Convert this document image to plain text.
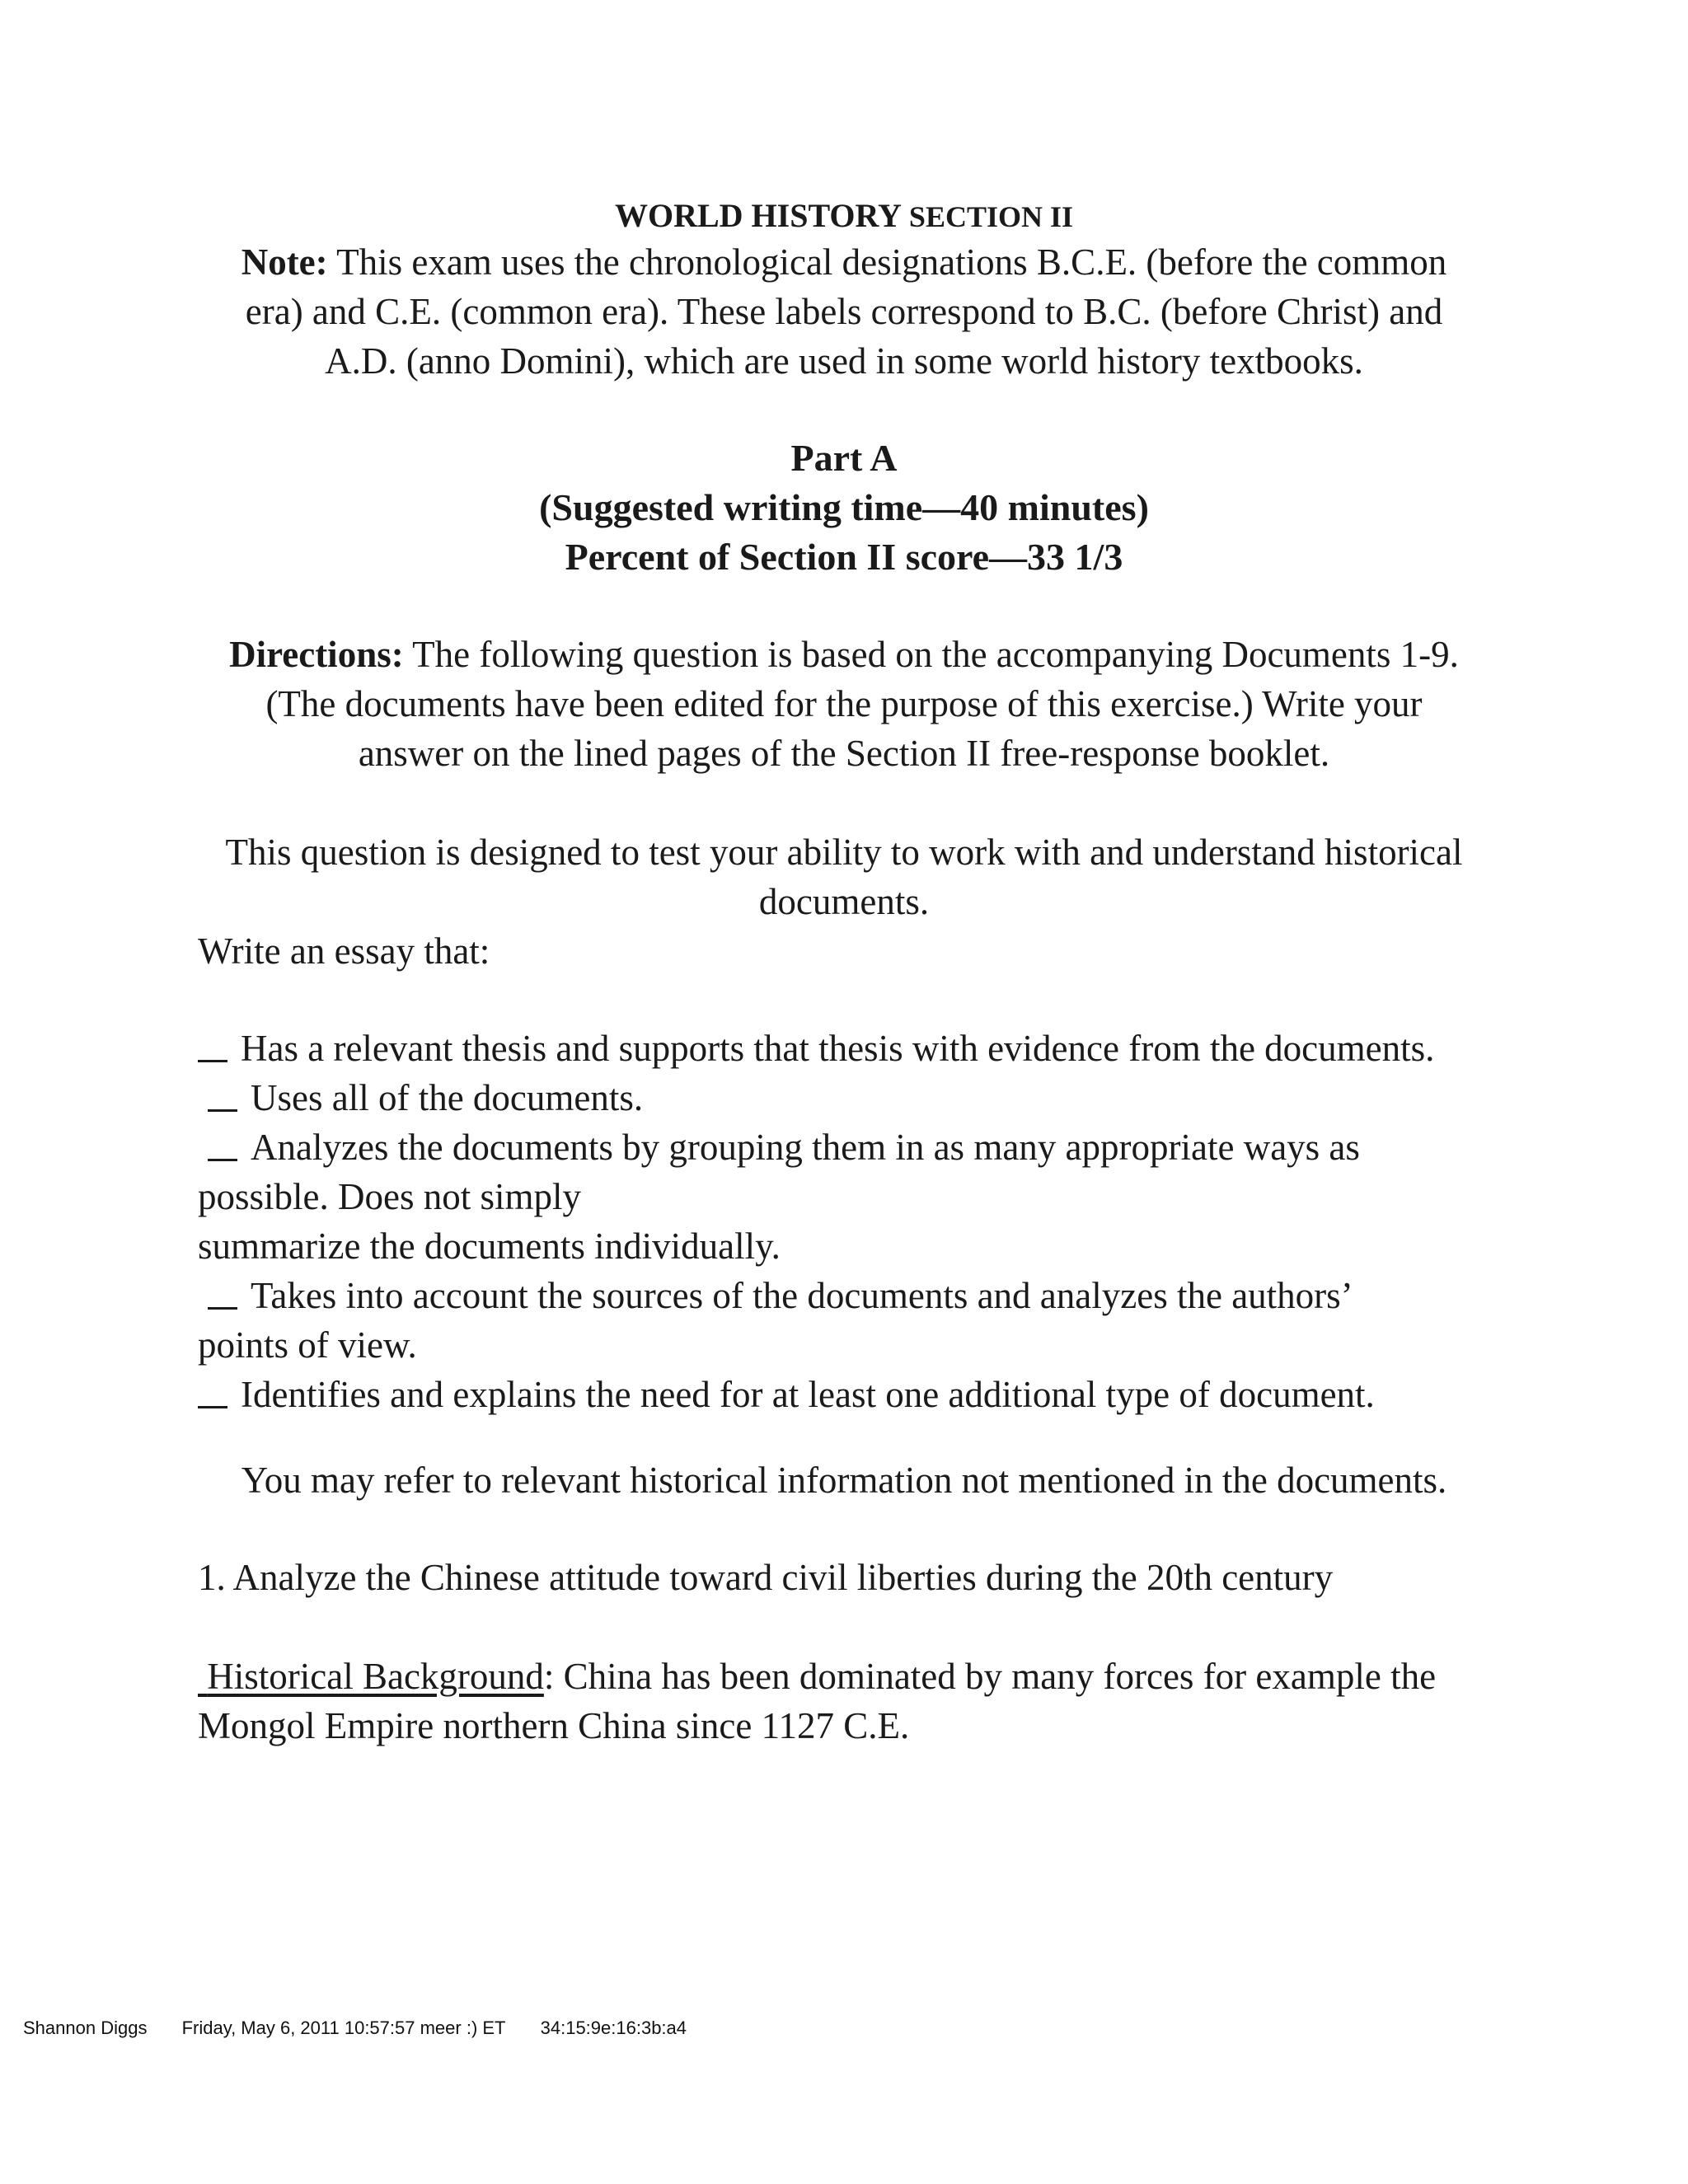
WORLD HISTORY SECTION II
Note: This exam uses the chronological designations B.C.E. (before the common
era) and C.E. (common era). These labels correspond to B.C. (before Christ) and
A.D. (anno Domini), which are used in some world history textbooks.
Part A
(Suggested writing time—40 minutes)
Percent of Section II score—33 1/3
Directions: The following question is based on the accompanying Documents 1-9.
(The documents have been edited for the purpose of this exercise.) Write your
answer on the lined pages of the Section II free-response booklet.
This question is designed to test your ability to work with and understand historical
documents.
Write an essay that:
Has a relevant thesis and supports that thesis with evidence from the documents.
Uses all of the documents.
Analyzes the documents by grouping them in as many appropriate ways as
possible. Does not simply
summarize the documents individually.
Takes into account the sources of the documents and analyzes the authors’
points of view.
Identifies and explains the need for at least one additional type of document.
You may refer to relevant historical information not mentioned in the documents.
1. Analyze the Chinese attitude toward civil liberties during the 20th century
Historical Background: China has been dominated by many forces for example the
Mongol Empire northern China since 1127 C.E.
Shannon Diggs Friday, May 6, 2011 10:57:57 meer :) ET 34:15:9e:16:3b:a4
